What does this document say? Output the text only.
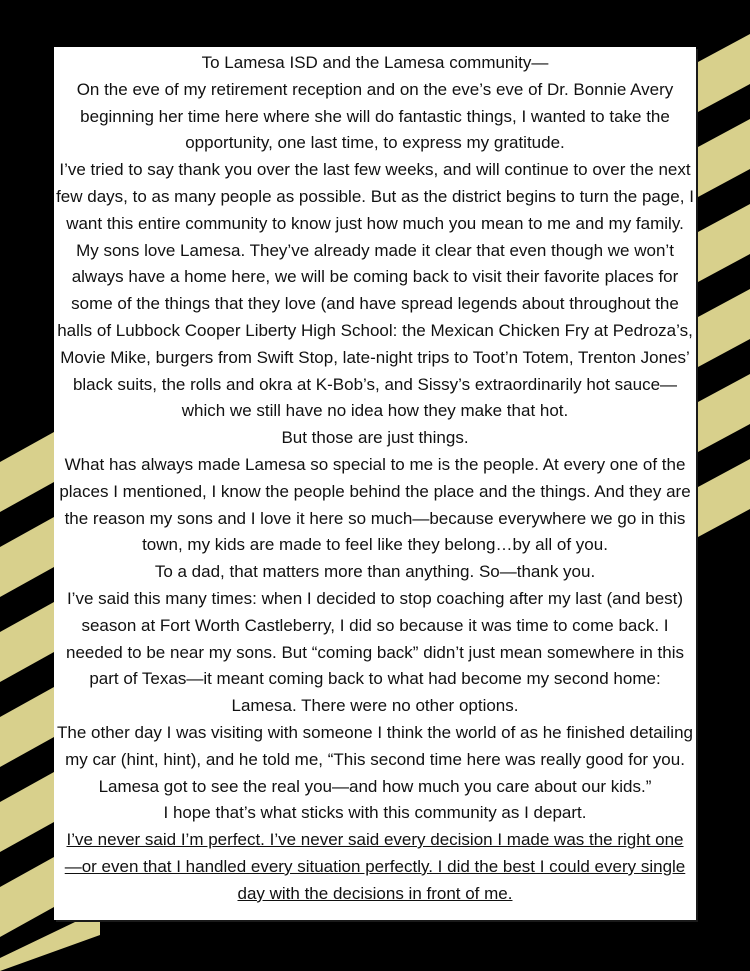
To Lamesa ISD and the Lamesa community—

On the eve of my retirement reception and on the eve’s eve of Dr. Bonnie Avery beginning her time here where she will do fantastic things, I wanted to take the opportunity, one last time, to express my gratitude.

I’ve tried to say thank you over the last few weeks, and will continue to over the next few days, to as many people as possible. But as the district begins to turn the page, I want this entire community to know just how much you mean to me and my family.

My sons love Lamesa. They’ve already made it clear that even though we won’t always have a home here, we will be coming back to visit their favorite places for some of the things that they love (and have spread legends about throughout the halls of Lubbock Cooper Liberty High School: the Mexican Chicken Fry at Pedroza’s, Movie Mike, burgers from Swift Stop, late-night trips to Toot’n Totem, Trenton Jones’ black suits, the rolls and okra at K-Bob’s, and Sissy’s extraordinarily hot sauce—which we still have no idea how they make that hot.

But those are just things.

What has always made Lamesa so special to me is the people. At every one of the places I mentioned, I know the people behind the place and the things. And they are the reason my sons and I love it here so much—because everywhere we go in this town, my kids are made to feel like they belong…by all of you.

To a dad, that matters more than anything. So—thank you.

I’ve said this many times: when I decided to stop coaching after my last (and best) season at Fort Worth Castleberry, I did so because it was time to come back. I needed to be near my sons. But “coming back” didn’t just mean somewhere in this part of Texas—it meant coming back to what had become my second home: Lamesa. There were no other options.

The other day I was visiting with someone I think the world of as he finished detailing my car (hint, hint), and he told me, “This second time here was really good for you. Lamesa got to see the real you—and how much you care about our kids.”

I hope that’s what sticks with this community as I depart.

I’ve never said I’m perfect. I’ve never said every decision I made was the right one —or even that I handled every situation perfectly. I did the best I could every single day with the decisions in front of me.
